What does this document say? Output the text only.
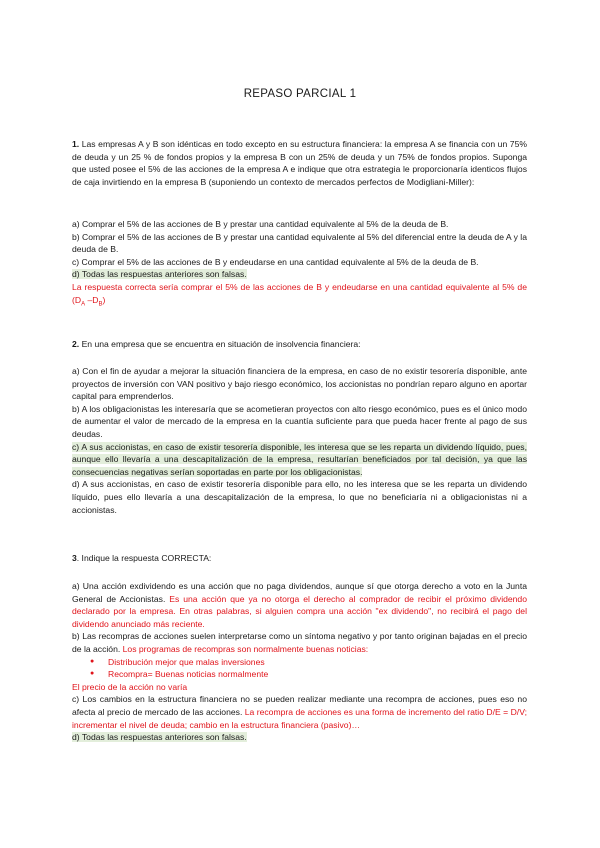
REPASO PARCIAL 1

1. Las empresas A y B son idénticas en todo excepto en su estructura financiera: la empresa A se financia con un 75% de deuda y un 25 % de fondos propios y la empresa B con un 25% de deuda y un 75% de fondos propios. Suponga que usted posee el 5% de las acciones de la empresa A e indique que otra estrategia le proporcionaría identicos flujos de caja invirtiendo en la empresa B (suponiendo un contexto de mercados perfectos de Modigliani-Miller):

a) Comprar el 5% de las acciones de B y prestar una cantidad equivalente al 5% de la deuda de B.

b) Comprar el 5% de las acciones de B y prestar una cantidad equivalente al 5% del diferencial entre la deuda de A y la deuda de B.

c) Comprar el 5% de las acciones de B y endeudarse en una cantidad equivalente al 5% de la deuda de B.

d) Todas las respuestas anteriores son falsas.

La respuesta correcta sería comprar el 5% de las acciones de B y endeudarse en una cantidad equivalente al 5% de ($D_A$ $-D_B$)

2. En una empresa que se encuentra en situación de insolvencia financiera:

a) Con el fin de ayudar a mejorar la situación financiera de la empresa, en caso de no existir tesorería disponible, ante proyectos de inversión con VAN positivo y bajo riesgo económico, los accionistas no pondrían reparo alguno en aportar capital para emprenderlos.

b) A los obligacionistas les interesaría que se acometieran proyectos con alto riesgo económico, pues es el único modo de aumentar el valor de mercado de la empresa en la cuantía suficiente para que pueda hacer frente al pago de sus deudas.

c) A sus accionistas, en caso de existir tesorería disponible, les interesa que se les reparta un dividendo líquido, pues, aunque ello llevaría a una descapitalización de la empresa, resultarían beneficiados por tal decisión, ya que las consecuencias negativas serían soportadas en parte por los obligacionistas.

d) A sus accionistas, en caso de existir tesorería disponible para ello, no les interesa que se les reparta un dividendo líquido, pues ello llevaría a una descapitalización de la empresa, lo que no beneficiaría ni a obligacionistas ni a accionistas.

3. Indique la respuesta CORRECTA:

a) Una acción exdividendo es una acción que no paga dividendos, aunque sí que otorga derecho a voto en la Junta General de Accionistas. Es una acción que ya no otorga el derecho al comprador de recibir el próximo dividendo declarado por la empresa. En otras palabras, si alguien compra una acción "ex dividendo", no recibirá el pago del dividendo anunciado más reciente.

b) Las recompras de acciones suelen interpretarse como un síntoma negativo y por tanto originan bajadas en el precio de la acción. Los programas de recompras son normalmente buenas noticias:

● Distribución mejor que malas inversiones
● Recompra= Buenas noticias normalmente

El precio de la acción no varía

c) Los cambios en la estructura financiera no se pueden realizar mediante una recompra de acciones, pues eso no afecta al precio de mercado de las acciones. La recompra de acciones es una forma de incremento del ratio D/E = D/V; incrementar el nivel de deuda; cambio en la estructura financiera (pasivo)…

d) Todas las respuestas anteriores son falsas.
